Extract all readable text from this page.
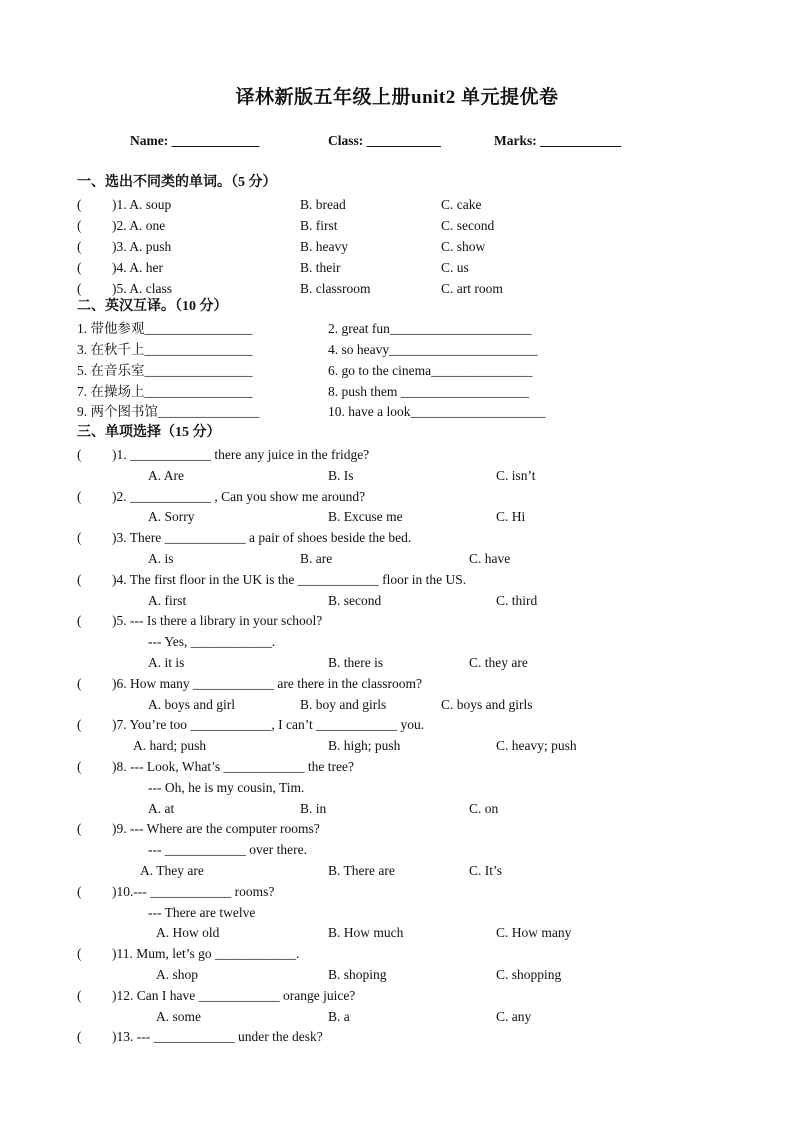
译林新版五年级上册unit2 单元提优卷
Name: _____________	Class: ___________	Marks: ____________
一、选出不同类的单词。（5 分）
( )1. A. soup	B. bread	C. cake
( )2. A. one	B. first	C. second
( )3. A. push	B. heavy	C. show
( )4. A. her	B. their	C. us
( )5. A. class	B. classroom	C. art room
二、英汉互译。（10 分）
1. 带他参观________________	2. great fun_____________________
3. 在秋千上________________	4. so heavy______________________
5. 在音乐室________________	6. go to the cinema_______________
7. 在操场上________________	8. push them ___________________
9. 两个图书馆_______________	10. have a look____________________
三、单项选择（15 分）
( )1. ____________ there any juice in the fridge?
A. Are	B. Is	C. isn’t
( )2. ____________ , Can you show me around?
A. Sorry	B. Excuse me	C. Hi
( )3. There ____________ a pair of shoes beside the bed.
A. is	B. are	C. have
( )4. The first floor in the UK is the ____________ floor in the US.
A. first	B. second	C. third
( )5. --- Is there a library in your school?
--- Yes, ____________.
A. it is	B. there is	C. they are
( )6. How many ____________ are there in the classroom?
A. boys and girl	B. boy and girls	C. boys and girls
( )7. You’re too ____________, I can’t ____________ you.
A. hard; push	B. high; push	C. heavy; push
( )8. --- Look, What’s ____________ the tree?
--- Oh, he is my cousin, Tim.
A. at	B. in	C. on
( )9. --- Where are the computer rooms?
--- ____________ over there.
A. They are	B. There are	C. It’s
( )10.--- ____________ rooms?
--- There are twelve
A. How old	B. How much	C. How many
( )11. Mum, let’s go ____________.
A. shop	B. shoping	C. shopping
( )12. Can I have ____________ orange juice?
A. some	B. a	C. any
( )13. --- ____________ under the desk?
